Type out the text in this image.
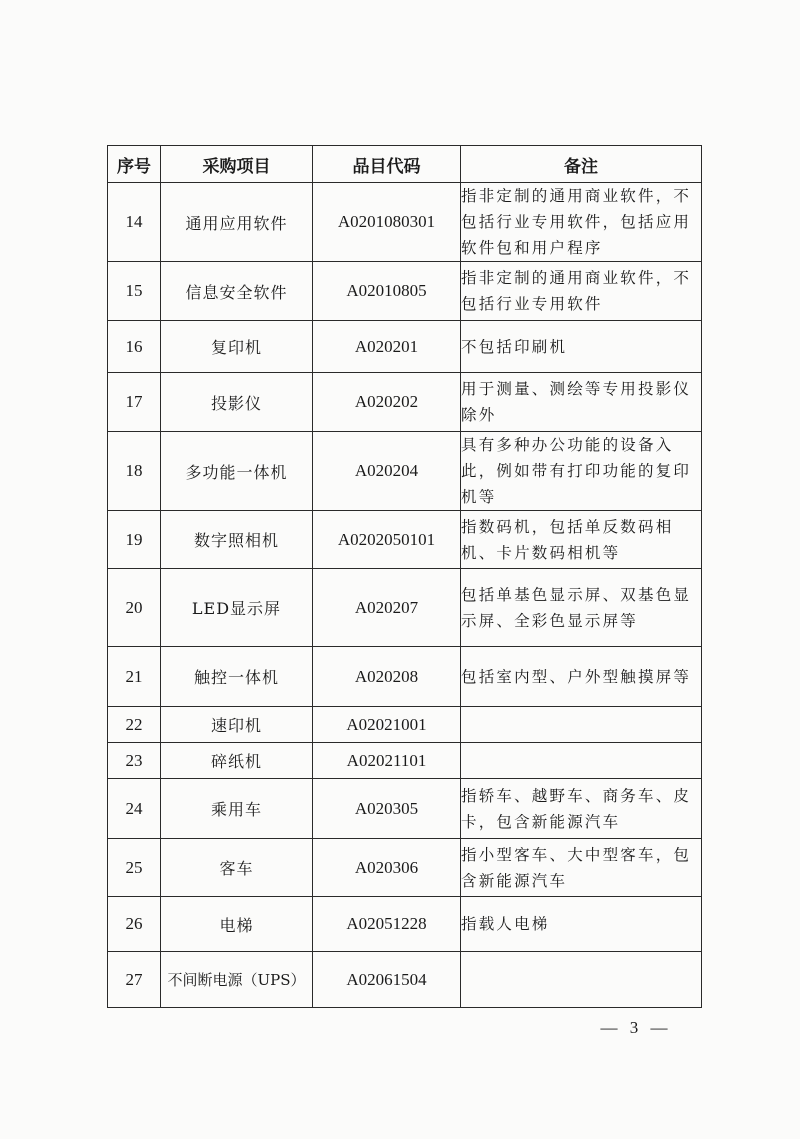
序号	采购项目	品目代码	备注
14	通用应用软件	A0201080301	指非定制的通用商业软件，不包括行业专用软件，包括应用软件包和用户程序
15	信息安全软件	A02010805	指非定制的通用商业软件，不包括行业专用软件
16	复印机	A020201	不包括印刷机
17	投影仪	A020202	用于测量、测绘等专用投影仪除外
18	多功能一体机	A020204	具有多种办公功能的设备入此，例如带有打印功能的复印机等
19	数字照相机	A0202050101	指数码机，包括单反数码相机、卡片数码相机等
20	LED显示屏	A020207	包括单基色显示屏、双基色显示屏、全彩色显示屏等
21	触控一体机	A020208	包括室内型、户外型触摸屏等
22	速印机	A02021001	
23	碎纸机	A02021101	
24	乘用车	A020305	指轿车、越野车、商务车、皮卡，包含新能源汽车
25	客车	A020306	指小型客车、大中型客车，包含新能源汽车
26	电梯	A02051228	指载人电梯
27	不间断电源（UPS）	A02061504	
— 3 —
